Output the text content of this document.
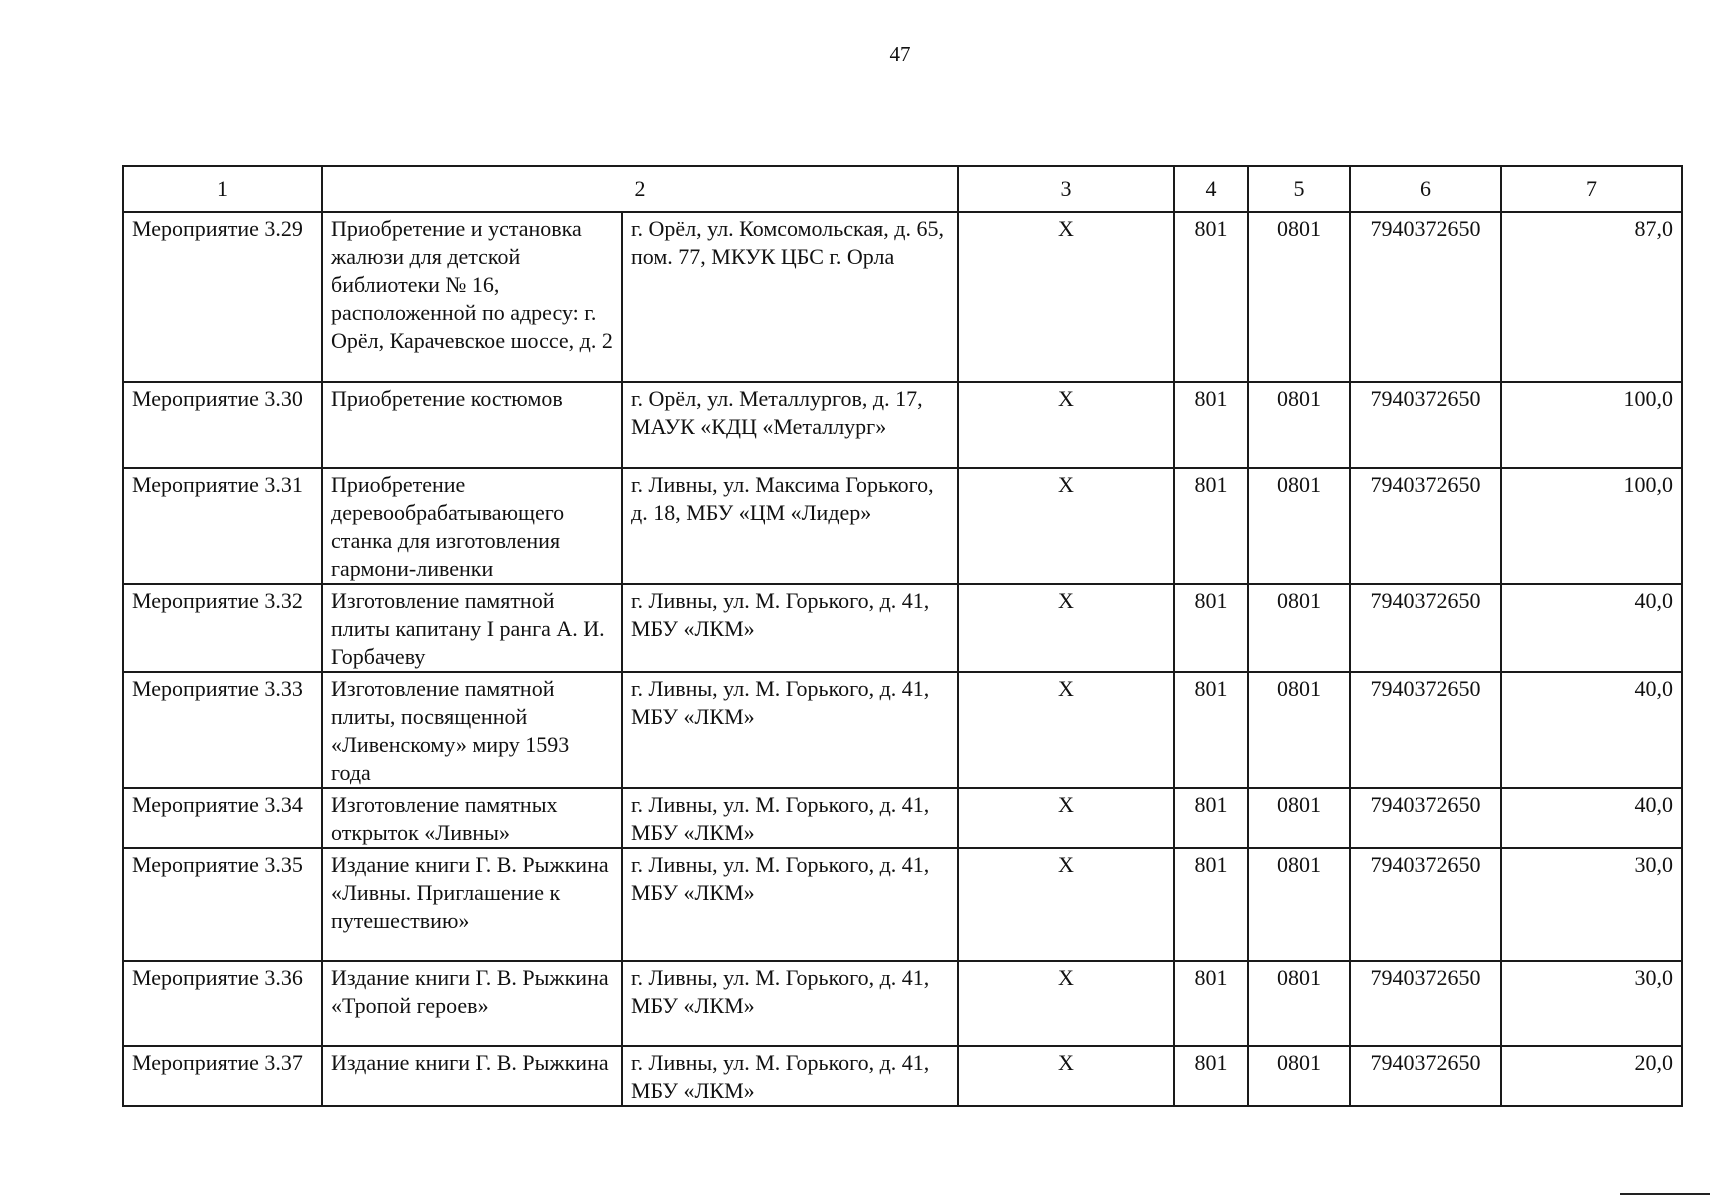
47
1	2		3	4	5	6	7
Мероприятие 3.29	Приобретение и установка жалюзи для детской библиотеки № 16, расположенной по адресу: г. Орёл, Карачевское шоссе, д. 2	г. Орёл, ул. Комсомольская, д. 65, пом. 77, МКУК ЦБС г. Орла	X	801	0801	7940372650	87,0
Мероприятие 3.30	Приобретение костюмов	г. Орёл, ул. Металлургов, д. 17, МАУК «КДЦ «Металлург»	X	801	0801	7940372650	100,0
Мероприятие 3.31	Приобретение деревообрабатывающего станка для изготовления гармони-ливенки	г. Ливны, ул. Максима Горького, д. 18, МБУ «ЦМ «Лидер»	X	801	0801	7940372650	100,0
Мероприятие 3.32	Изготовление памятной плиты капитану I ранга А. И. Горбачеву	г. Ливны, ул. М. Горького, д. 41, МБУ «ЛКМ»	X	801	0801	7940372650	40,0
Мероприятие 3.33	Изготовление памятной плиты, посвященной «Ливенскому» миру 1593 года	г. Ливны, ул. М. Горького, д. 41, МБУ «ЛКМ»	X	801	0801	7940372650	40,0
Мероприятие 3.34	Изготовление памятных открыток «Ливны»	г. Ливны, ул. М. Горького, д. 41, МБУ «ЛКМ»	X	801	0801	7940372650	40,0
Мероприятие 3.35	Издание книги Г. В. Рыжкина «Ливны. Приглашение к путешествию»	г. Ливны, ул. М. Горького, д. 41, МБУ «ЛКМ»	X	801	0801	7940372650	30,0
Мероприятие 3.36	Издание книги Г. В. Рыжкина «Тропой героев»	г. Ливны, ул. М. Горького, д. 41, МБУ «ЛКМ»	X	801	0801	7940372650	30,0
Мероприятие 3.37	Издание книги Г. В. Рыжкина	г. Ливны, ул. М. Горького, д. 41, МБУ «ЛКМ»	X	801	0801	7940372650	20,0
